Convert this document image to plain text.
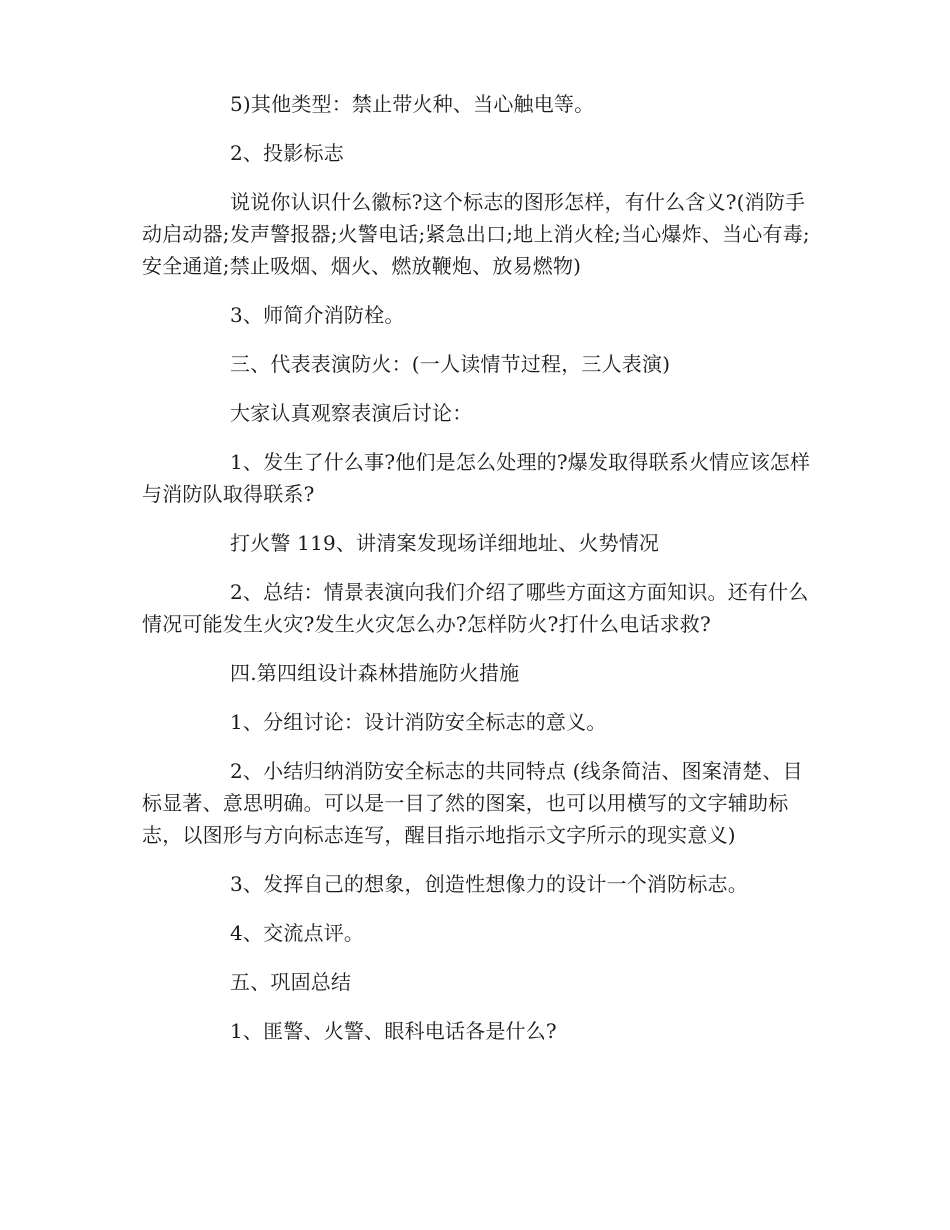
5)其他类型：禁止带火种、当心触电等。

2、投影标志

说说你认识什么徽标?这个标志的图形怎样，有什么含义?(消防手动启动器;发声警报器;火警电话;紧急出口;地上消火栓;当心爆炸、当心有毒;安全通道;禁止吸烟、烟火、燃放鞭炮、放易燃物)

3、师简介消防栓。

三、代表表演防火：(一人读情节过程，三人表演)

大家认真观察表演后讨论：

1、发生了什么事?他们是怎么处理的?爆发取得联系火情应该怎样与消防队取得联系?

打火警 119、讲清案发现场详细地址、火势情况

2、总结：情景表演向我们介绍了哪些方面这方面知识。还有什么情况可能发生火灾?发生火灾怎么办?怎样防火?打什么电话求救?

四.第四组设计森林措施防火措施

1、分组讨论：设计消防安全标志的意义。

2、小结归纳消防安全标志的共同特点 (线条简洁、图案清楚、目标显著、意思明确。可以是一目了然的图案，也可以用横写的文字辅助标志，以图形与方向标志连写，醒目指示地指示文字所示的现实意义)

3、发挥自己的想象，创造性想像力的设计一个消防标志。

4、交流点评。

五、巩固总结

1、匪警、火警、眼科电话各是什么?
